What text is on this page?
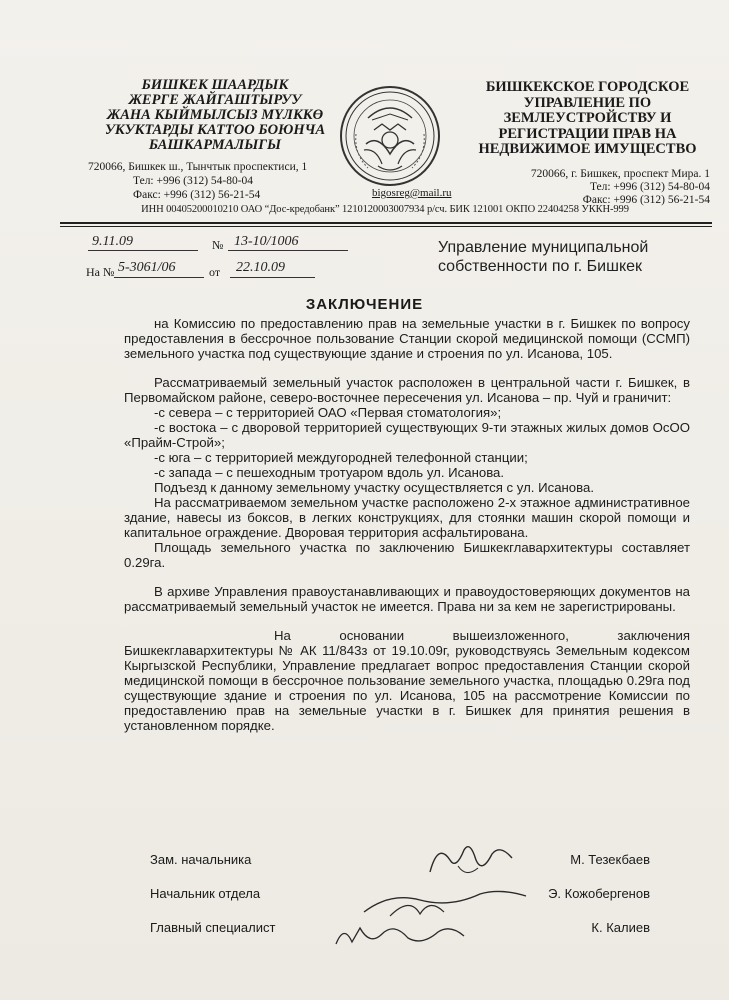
БИШКЕК ШААРДЫК
ЖЕРГЕ ЖАЙГАШТЫРУУ
ЖАНА КЫЙМЫЛСЫЗ МҮЛККӨ
УКУКТАРДЫ КАТТОО БОЮНЧА
БАШКАРМАЛЫГЫ
720066, Бишкек ш., Тынчтык проспектиси, 1
Тел: +996 (312) 54-80-04
Факс: +996 (312) 56-21-54
БИШКЕКСКОЕ ГОРОДСКОЕ
УПРАВЛЕНИЕ ПО
ЗЕМЛЕУСТРОЙСТВУ И
РЕГИСТРАЦИИ ПРАВ НА
НЕДВИЖИМОЕ ИМУЩЕСТВО
720066, г. Бишкек, проспект Мира. 1
Тел: +996 (312) 54-80-04
Факс: +996 (312) 56-21-54
bigosreg@mail.ru
ИНН 00405200010210 ОАО “Дос-кредобанк” 1210120003007934 р/сч. БИК 121001 ОКПО 22404258 УККН-999
9.11.09	№ 13-10/1006
На № 5-3061/06	от 22.10.09
Управление муниципальной
собственности по г. Бишкек
ЗАКЛЮЧЕНИЕ

на Комиссию по предоставлению прав на земельные участки в г. Бишкек по вопросу предоставления в бессрочное пользование Станции скорой медицинской помощи (ССМП) земельного участка под существующие здание и строения по ул. Исанова, 105.

Рассматриваемый земельный участок расположен в центральной части г. Бишкек, в Первомайском районе, северо-восточнее пересечения ул. Исанова – пр. Чуй и граничит:

-с севера – с территорией ОАО «Первая стоматология»;

-с востока – с дворовой территорией существующих 9-ти этажных жилых домов ОсОО «Прайм-Строй»;

-с юга – с территорией междугородней телефонной станции;

-с запада – с пешеходным тротуаром вдоль ул. Исанова.

Подъезд к данному земельному участку осуществляется с ул. Исанова.

На рассматриваемом земельном участке расположено 2-х этажное административное здание, навесы из боксов, в легких конструкциях, для стоянки машин скорой помощи и капитальное ограждение. Дворовая территория асфальтирована.

Площадь земельного участка по заключению Бишкекглавархитектуры составляет 0.29га.

В архиве Управления правоустанавливающих и правоудостоверяющих документов на рассматриваемый земельный участок не имеется. Права ни за кем не зарегистрированы.

На основании вышеизложенного, заключения Бишкекглавархитектуры № АК 11/843з от 19.10.09г, руководствуясь Земельным кодексом Кыргызской Республики, Управление предлагает вопрос предоставления Станции скорой медицинской помощи в бессрочное пользование земельного участка, площадью 0.29га под существующие здание и строения по ул. Исанова, 105 на рассмотрение Комиссии по предоставлению прав на земельные участки в г. Бишкек для принятия решения в установленном порядке.

Зам. начальника	М. Тезекбаев
Начальник отдела	Э. Кожобергенов
Главный специалист	К. Калиев
